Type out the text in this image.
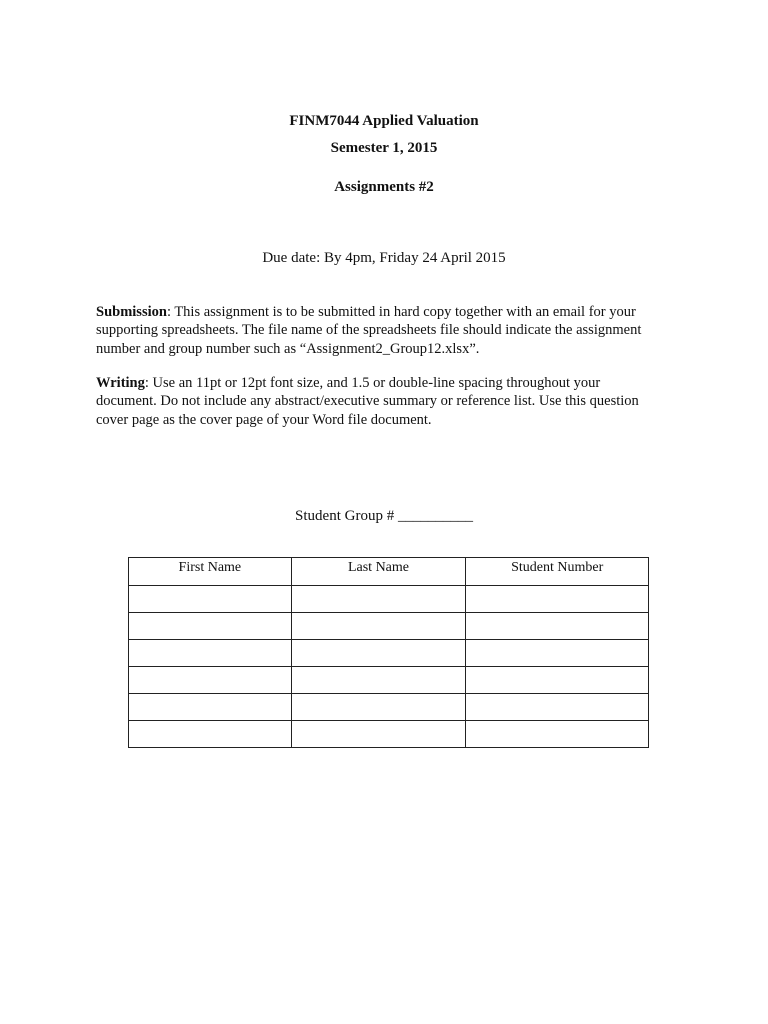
FINM7044 Applied Valuation
Semester 1, 2015
Assignments #2
Due date: By 4pm, Friday 24 April 2015
Submission: This assignment is to be submitted in hard copy together with an email for your
supporting spreadsheets. The file name of the spreadsheets file should indicate the assignment
number and group number such as “Assignment2_Group12.xlsx”.
Writing: Use an 11pt or 12pt font size, and 1.5 or double-line spacing throughout your
document. Do not include any abstract/executive summary or reference list. Use this question
cover page as the cover page of your Word file document.
Student Group # __________
First Name	Last Name	Student Number
